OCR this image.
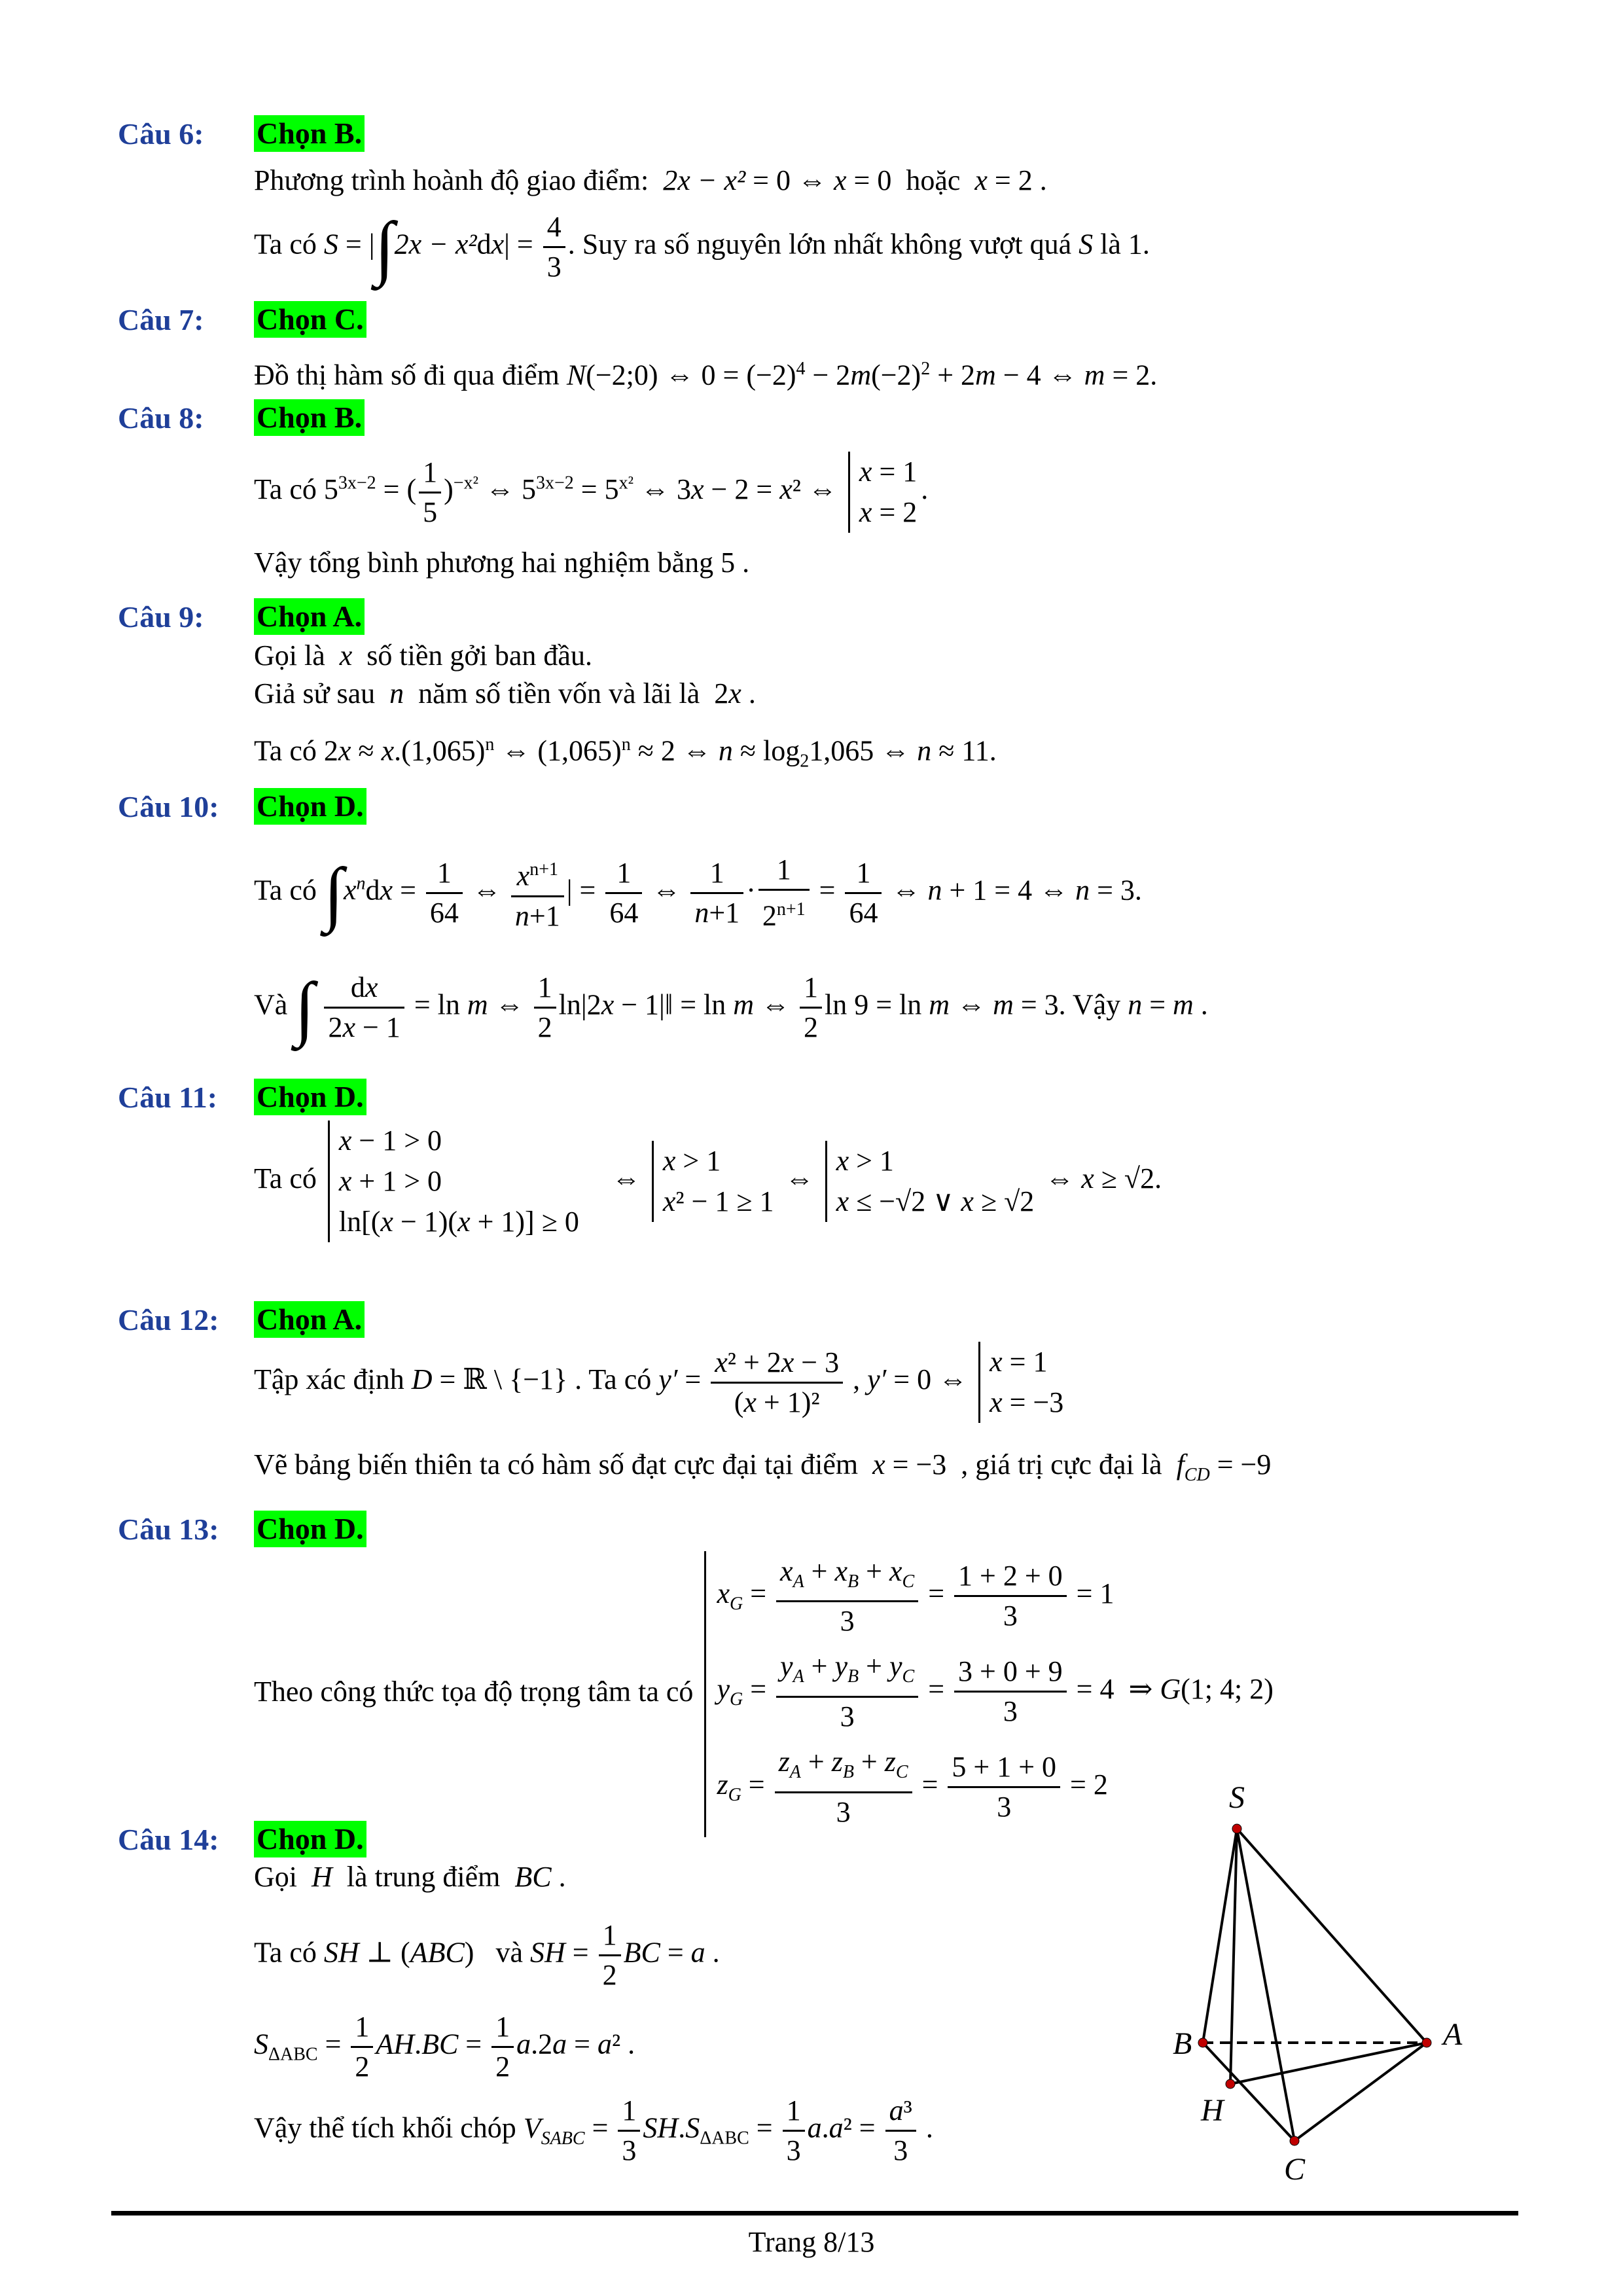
Câu 6: Chọn B.
Phương trình hoành độ giao điểm: 2x − x² = 0 ⇔ x = 0  hoặc x = 2 .
Ta có $S = |\int 2x - x^2dx| = \frac{4}{3}$ . Suy ra số nguyên lớn nhất không vượt quá S là 1.
Câu 7: Chọn C.
Đồ thị hàm số đi qua điểm N(−2;0) ⇔ $0 = (-2)^4 - 2m(-2)^2 + 2m - 4$ ⇔ m = 2.
Câu 8: Chọn B.
Ta có $5^{3x-2}$ = ( $\frac{1}{5} )^{-x^2}$ ⇔ $5^{3x-2} = 5^{x^2}$ ⇔ 3x − 2 = x² ⇔
x = 1
x = 2
.
Vậy tổng bình phương hai nghiệm bằng 5 .
Câu 9: Chọn A.
Gọi là x số tiền gởi ban đầu.
Giả sử sau n năm số tiền vốn và lãi là  2x .
Ta có $2x \approx x.(1,065)^n$ ⇔ $(1,065)^n \approx 2$ ⇔ $n \approx \log_21,065$ ⇔ n ≈ 11.
Câu 10: Chọn D.
Ta có $\int x^ndx = \frac{1}{64}$ ⇔ $\frac{x^{n+1}}{n+1}$ | = $\frac{1}{64}$ ⇔ $\frac{1}{n+1} \cdot \frac{1}{2^{n+1}} = \frac{1}{64}$ ⇔ n + 1 = 4 ⇔ n = 3.
Và ∫ $\frac{dx}{2x - 1} = \ln m$ ⇔ $\frac{1}{2} \ln|2x$ − 1|‖ = ln m ⇔ $\frac{1}{2}$ ln 9 = ln m ⇔ m = 3. Vậy n = m .
Câu 11: Chọn D.
Ta có
x − 1 > 0
x + 1 > 0
ln[(x − 1)(x + 1)] ≥ 0
⇔
x > 1
x² − 1 ≥ 1
⇔
x > 1
x ≤ −√2 ∨ x ≥ √2
⇔ x ≥ √2.
Câu 12: Chọn A.
Tập xác định D = ℝ \ {−1} . Ta có $y' = \frac{\text{x² + 2x − 3}}{\text{(x + 1)²}}$ , y′ = 0 ⇔
x = 1
x = −3
Vẽ bảng biến thiên ta có hàm số đạt cực đại tại điểm x = −3  , giá trị cực đại là $f_{CD} = -9$
Câu 13: Chọn D.
Theo công thức tọa độ trọng tâm ta có
$x_G = \frac{x_A + x_B + x_C}{3} = \frac{1 + 2 + 0}{3} = 1$
$y_G = \frac{y_A + y_B + y_C}{3} = \frac{3 + 0 + 9}{3} = 4$  ⇒ G(1; 4; 2)
$z_G = \frac{z_A + z_B + z_C}{3} = \frac{5 + 1 + 0}{3} = 2$
Câu 14: Chọn D.
Gọi H là trung điểm BC .
Ta có SH ⊥ (ABC)   và SH = $\frac{1}{2}$ BC = a .
$S_{\Delta ABC} = \frac{1}{2} AH.BC = \frac{1}{2} a.2a = a^2$ .
Vậy thể tích khối chóp $V_{SABC} = \frac{1}{3} SH.S_{\Delta ABC} = \frac{1}{3} a.a^2 = \frac{\text{a³}}{3}$ .
S
A
B
H
C
Trang 8/13
